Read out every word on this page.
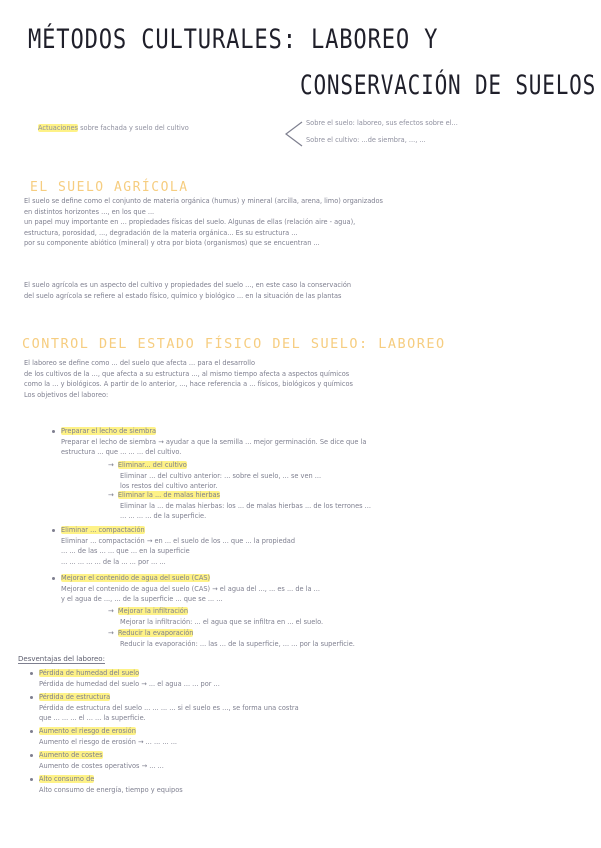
MÉTODOS CULTURALES: LABOREO Y
CONSERVACIÓN DE SUELOS
Actuaciones sobre fachada y suelo del cultivo
Sobre el suelo: laboreo, sus efectos sobre el...
Sobre el cultivo: ...de siembra, ..., ...
EL SUELO AGRÍCOLA
El suelo se define como el conjunto de materia orgánica (humus) y mineral (arcilla, arena, limo) organizados
en distintos horizontes ..., en los que ...
un papel muy importante en ... propiedades físicas del suelo. Algunas de ellas (relación aire - agua),
estructura, porosidad, ..., degradación de la materia orgánica... Es su estructura ...
por su componente abiótico (mineral) y otra por biota (organismos) que se encuentran ...
El suelo agrícola es un aspecto del cultivo y propiedades del suelo ..., en este caso la conservación
del suelo agrícola se refiere al estado físico, químico y biológico ... en la situación de las plantas
CONTROL DEL ESTADO FÍSICO DEL SUELO: LABOREO
El laboreo se define como ... del suelo que afecta ... para el desarrollo
de los cultivos de la ..., que afecta a su estructura ..., al mismo tiempo afecta a aspectos químicos
como la ... y biológicos. A partir de lo anterior, ..., hace referencia a ... físicos, biológicos y químicos
Los objetivos del laboreo:
Preparar el lecho de siembra
Preparar el lecho de siembra → ayudar a que la semilla ... mejor germinación. Se dice que la
estructura ... que ... ... ... del cultivo.
→ Eliminar... del cultivo
Eliminar ... del cultivo anterior: ... sobre el suelo, ... se ven ...
los restos del cultivo anterior.
→ Eliminar la ... de malas hierbas
Eliminar la ... de malas hierbas: los ... de malas hierbas ... de los terrones ...
... ... ... ... de la superficie.
Eliminar ... compactación
Eliminar ... compactación → en ... el suelo de los ... que ... la propiedad
... ... de las ... ... que ... en la superficie
... ... ... ... ... de la ... ... por ... ...
Mejorar el contenido de agua del suelo (CAS)
Mejorar el contenido de agua del suelo (CAS) → el agua del ..., ... es ... de la ...
y el agua de ..., ... de la superficie ... que se ... ...
→ Mejorar la infiltración
Mejorar la infiltración: ... el agua que se infiltra en ... el suelo.
→ Reducir la evaporación
Reducir la evaporación: ... las ... de la superficie, ... ... por la superficie.
Desventajas del laboreo:
Pérdida de humedad del suelo
Pérdida de humedad del suelo → ... el agua ... ... por ...
Pérdida de estructura
Pérdida de estructura del suelo ... ... ... ... si el suelo es ..., se forma una costra
que ... ... ... el ... ... la superficie.
Aumento el riesgo de erosión
Aumento el riesgo de erosión → ... ... ... ...
Aumento de costes
Aumento de costes operativos → ... ...
Alto consumo de
Alto consumo de energía, tiempo y equipos
